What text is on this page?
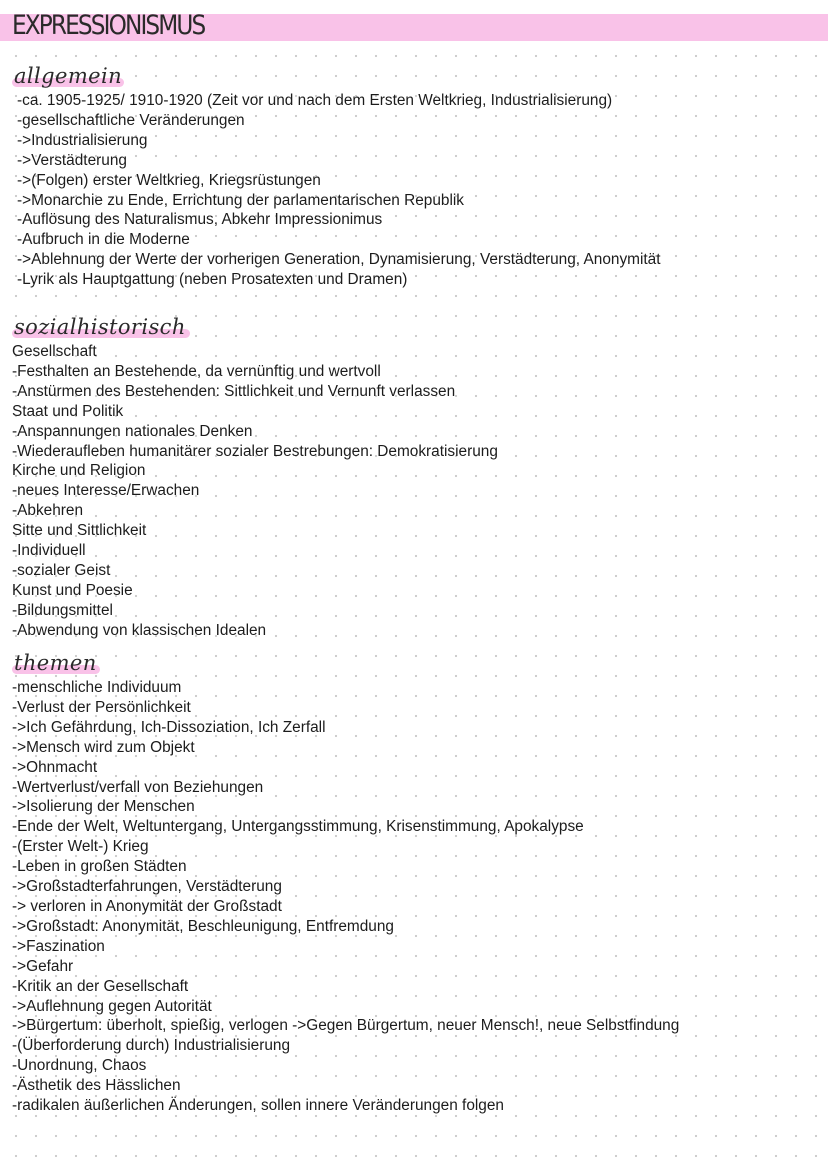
EXPRESSIONISMUS
allgemein
-ca. 1905-1925/ 1910-1920 (Zeit vor und nach dem Ersten Weltkrieg, Industrialisierung)
-gesellschaftliche Veränderungen
->Industrialisierung
->Verstädterung
->(Folgen) erster Weltkrieg, Kriegsrüstungen
->Monarchie zu Ende, Errichtung der parlamentarischen Republik
-Auflösung des Naturalismus, Abkehr Impressionimus
-Aufbruch in die Moderne
->Ablehnung der Werte der vorherigen Generation, Dynamisierung, Verstädterung, Anonymität
-Lyrik als Hauptgattung (neben Prosatexten und Dramen)
sozialhistorisch
Gesellschaft
-Festhalten an Bestehende, da vernünftig und wertvoll
-Anstürmen des Bestehenden: Sittlichkeit und Vernunft verlassen
Staat und Politik
-Anspannungen nationales Denken
-Wiederaufleben humanitärer sozialer Bestrebungen: Demokratisierung
Kirche und Religion
-neues Interesse/Erwachen
-Abkehren
Sitte und Sittlichkeit
-Individuell
-sozialer Geist
Kunst und Poesie
-Bildungsmittel
-Abwendung von klassischen Idealen
themen
-menschliche Individuum
-Verlust der Persönlichkeit
->Ich Gefährdung, Ich-Dissoziation, Ich Zerfall
->Mensch wird zum Objekt
->Ohnmacht
-Wertverlust/verfall von Beziehungen
->Isolierung der Menschen
-Ende der Welt, Weltuntergang, Untergangsstimmung, Krisenstimmung, Apokalypse
-(Erster Welt-) Krieg
-Leben in großen Städten
->Großstadterfahrungen, Verstädterung
-> verloren in Anonymität der Großstadt
->Großstadt: Anonymität, Beschleunigung, Entfremdung
->Faszination
->Gefahr
-Kritik an der Gesellschaft
->Auflehnung gegen Autorität
->Bürgertum: überholt, spießig, verlogen ->Gegen Bürgertum, neuer Mensch!, neue Selbstfindung
-(Überforderung durch) Industrialisierung
-Unordnung, Chaos
-Ästhetik des Hässlichen
-radikalen äußerlichen Änderungen, sollen innere Veränderungen folgen
